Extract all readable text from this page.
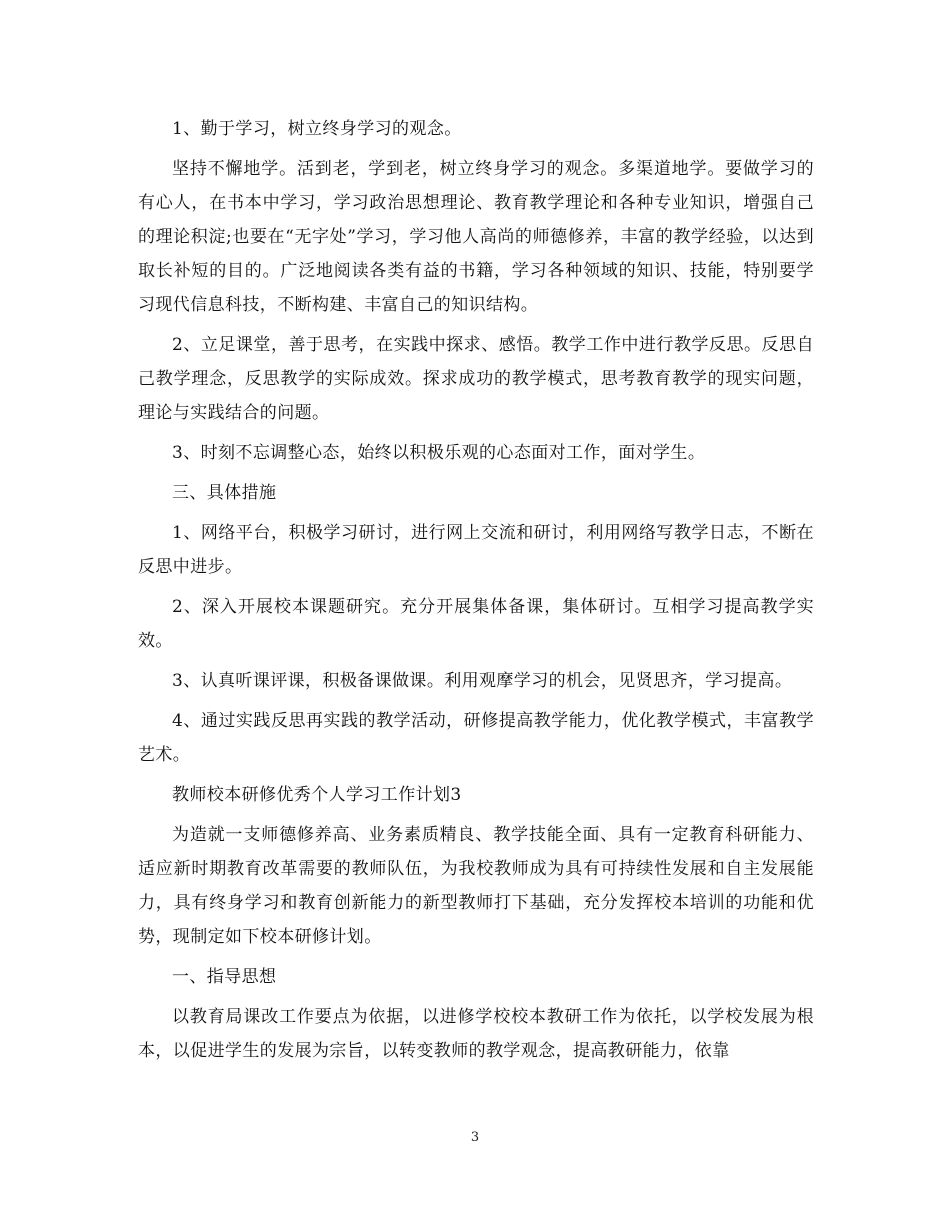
1、勤于学习，树立终身学习的观念。

坚持不懈地学。活到老，学到老，树立终身学习的观念。多渠道地学。要做学习的有心人，在书本中学习，学习政治思想理论、教育教学理论和各种专业知识，增强自己的理论积淀;也要在“无字处”学习，学习他人高尚的师德修养，丰富的教学经验，以达到取长补短的目的。广泛地阅读各类有益的书籍，学习各种领域的知识、技能，特别要学习现代信息科技，不断构建、丰富自己的知识结构。

2、立足课堂，善于思考，在实践中探求、感悟。教学工作中进行教学反思。反思自己教学理念，反思教学的实际成效。探求成功的教学模式，思考教育教学的现实问题，理论与实践结合的问题。

3、时刻不忘调整心态，始终以积极乐观的心态面对工作，面对学生。

三、具体措施

1、网络平台，积极学习研讨，进行网上交流和研讨，利用网络写教学日志，不断在反思中进步。

2、深入开展校本课题研究。充分开展集体备课，集体研讨。互相学习提高教学实效。

3、认真听课评课，积极备课做课。利用观摩学习的机会，见贤思齐，学习提高。

4、通过实践反思再实践的教学活动，研修提高教学能力，优化教学模式，丰富教学艺术。

教师校本研修优秀个人学习工作计划3

为造就一支师德修养高、业务素质精良、教学技能全面、具有一定教育科研能力、适应新时期教育改革需要的教师队伍，为我校教师成为具有可持续性发展和自主发展能力，具有终身学习和教育创新能力的新型教师打下基础，充分发挥校本培训的功能和优势，现制定如下校本研修计划。

一、指导思想

以教育局课改工作要点为依据，以进修学校校本教研工作为依托，以学校发展为根本，以促进学生的发展为宗旨，以转变教师的教学观念，提高教研能力，依靠

3
